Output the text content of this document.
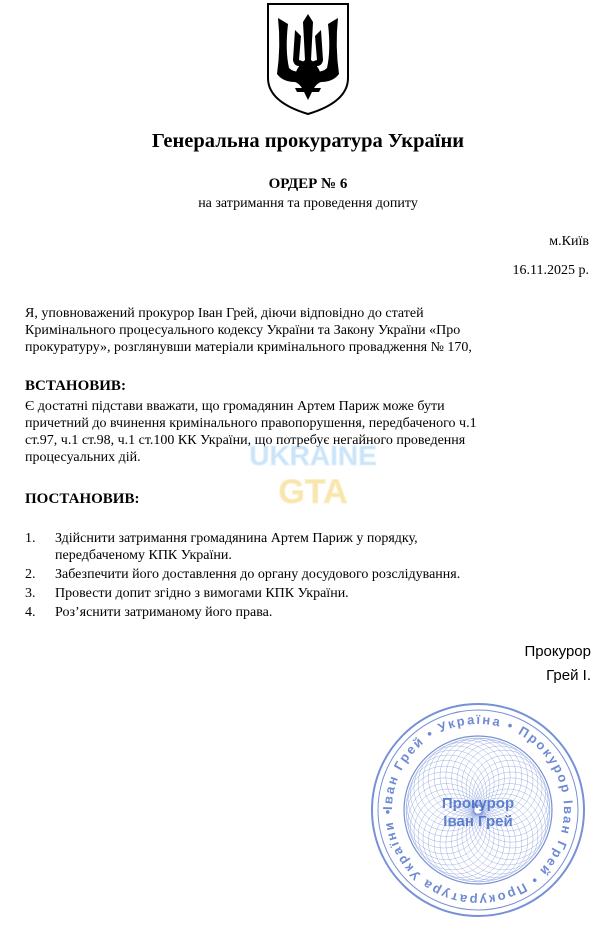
Генеральна прокуратура України
ОРДЕР № 6
на затримання та проведення допиту
м.Київ
16.11.2025 р.
Я, уповноважений прокурор Іван Грей, діючи відповідно до статей
Кримінального процесуального кодексу України та Закону України «Про
прокуратуру», розглянувши матеріали кримінального провадження № 170,
ВСТАНОВИВ:
Є достатні підстави вважати, що громадянин Артем Париж може бути
причетний до вчинення кримінального правопорушення, передбаченого ч.1
ст.97, ч.1 ст.98, ч.1 ст.100 КК України, що потребує негайного проведення
процесуальних дій.
ПОСТАНОВИВ:
1. Здійснити затримання громадянина Артем Париж у порядку,
передбаченому КПК України.
2. Забезпечити його доставлення до органу досудового розслідування.
3. Провести допит згідно з вимогами КПК України.
4. Роз’яснити затриманому його права.
Прокурор
Грей І.
UKRAINE
GTA
Іван Грей • Україна • Прокурор Іван Грей • Прокуратура України •	Прокурор
Іван Грей
